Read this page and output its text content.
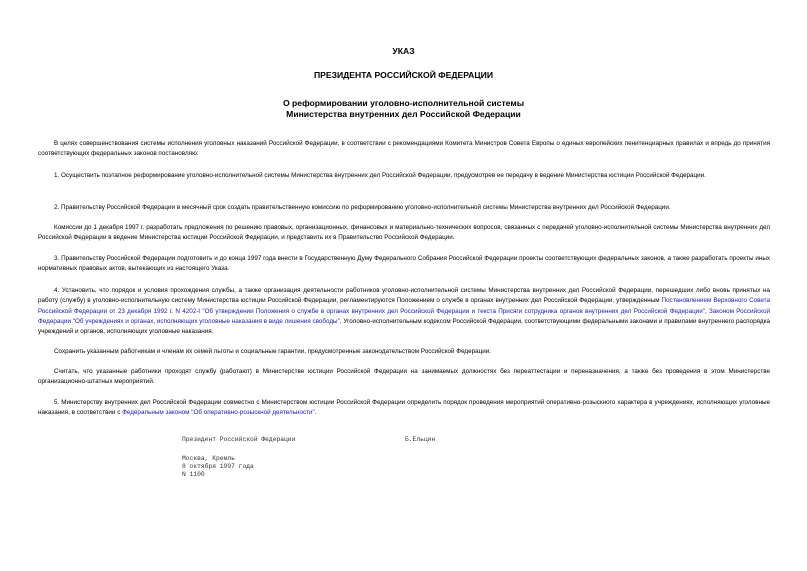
УКАЗ
ПРЕЗИДЕНТА РОССИЙСКОЙ ФЕДЕРАЦИИ
О реформировании уголовно-исполнительной системы
Министерства внутренних дел Российской Федерации
В целях совершенствования системы исполнения уголовных наказаний Российской Федерации, в соответствии с рекомендациями Комитета Министров Совета Европы о единых европейских пенитенциарных правилах и впредь до принятия соответствующих федеральных законов постановляю:
1. Осуществить поэтапное реформирование уголовно-исполнительной системы Министерства внутренних дел Российской Федерации, предусмотрев ее передачу в ведение Министерства юстиции Российской Федерации.
2. Правительству Российской Федерации в месячный срок создать правительственную комиссию по реформированию уголовно-исполнительной системы Министерства внутренних дел Российской Федерации.
Комиссии до 1 декабря 1997 г. разработать предложения по решению правовых, организационных, финансовых и материально-технических вопросов, связанных с передачей уголовно-исполнительной системы Министерства внутренних дел Российской Федерации в ведение Министерства юстиции Российской Федерации, и представить их в Правительство Российской Федерации.
3. Правительству Российской Федерации подготовить и до конца 1997 года внести в Государственную Думу Федерального Собрания Российской Федерации проекты соответствующих федеральных законов, а также разработать проекты иных нормативных правовых актов, вытекающих из настоящего Указа.
4. Установить, что порядок и условия прохождения службы, а также организация деятельности работников уголовно-исполнительной системы Министерства внутренних дел Российской Федерации, перешедших либо вновь принятых на работу (службу) в уголовно-исполнительную систему Министерства юстиции Российской Федерации, регламентируются Положением о службе в органах внутренних дел Российской Федерации, утвержденным Постановлением Верховного Совета Российской Федерации от 23 декабря 1992 г. N 4202-I "Об утверждении Положения о службе в органах внутренних дел Российской Федерации и текста Присяги сотрудника органов внутренних дел Российской Федерации", Законом Российской Федерации "Об учреждениях и органах, исполняющих уголовные наказания в виде лишения свободы", Уголовно-исполнительным кодексом Российской Федерации, соответствующими федеральными законами и правилами внутреннего распорядка учреждений и органов, исполняющих уголовные наказания.
Сохранить указанным работникам и членам их семей льготы и социальные гарантии, предусмотренные законодательством Российской Федерации.
Считать, что указанные работники проходят службу (работают) в Министерстве юстиции Российской Федерации на занимаемых должностях без переаттестации и переназначения, а также без проведения в этом Министерстве организационно-штатных мероприятий.
5. Министерству внутренних дел Российской Федерации совместно с Министерством юстиции Российской Федерации определить порядок проведения мероприятий оперативно-розыскного характера в учреждениях, исполняющих уголовные наказания, в соответствии с Федеральным законом "Об оперативно-розыскной деятельности".
Президент Российской Федерации	Б.Ельцин
Москва, Кремль
8 октября 1997 года
N 1100
